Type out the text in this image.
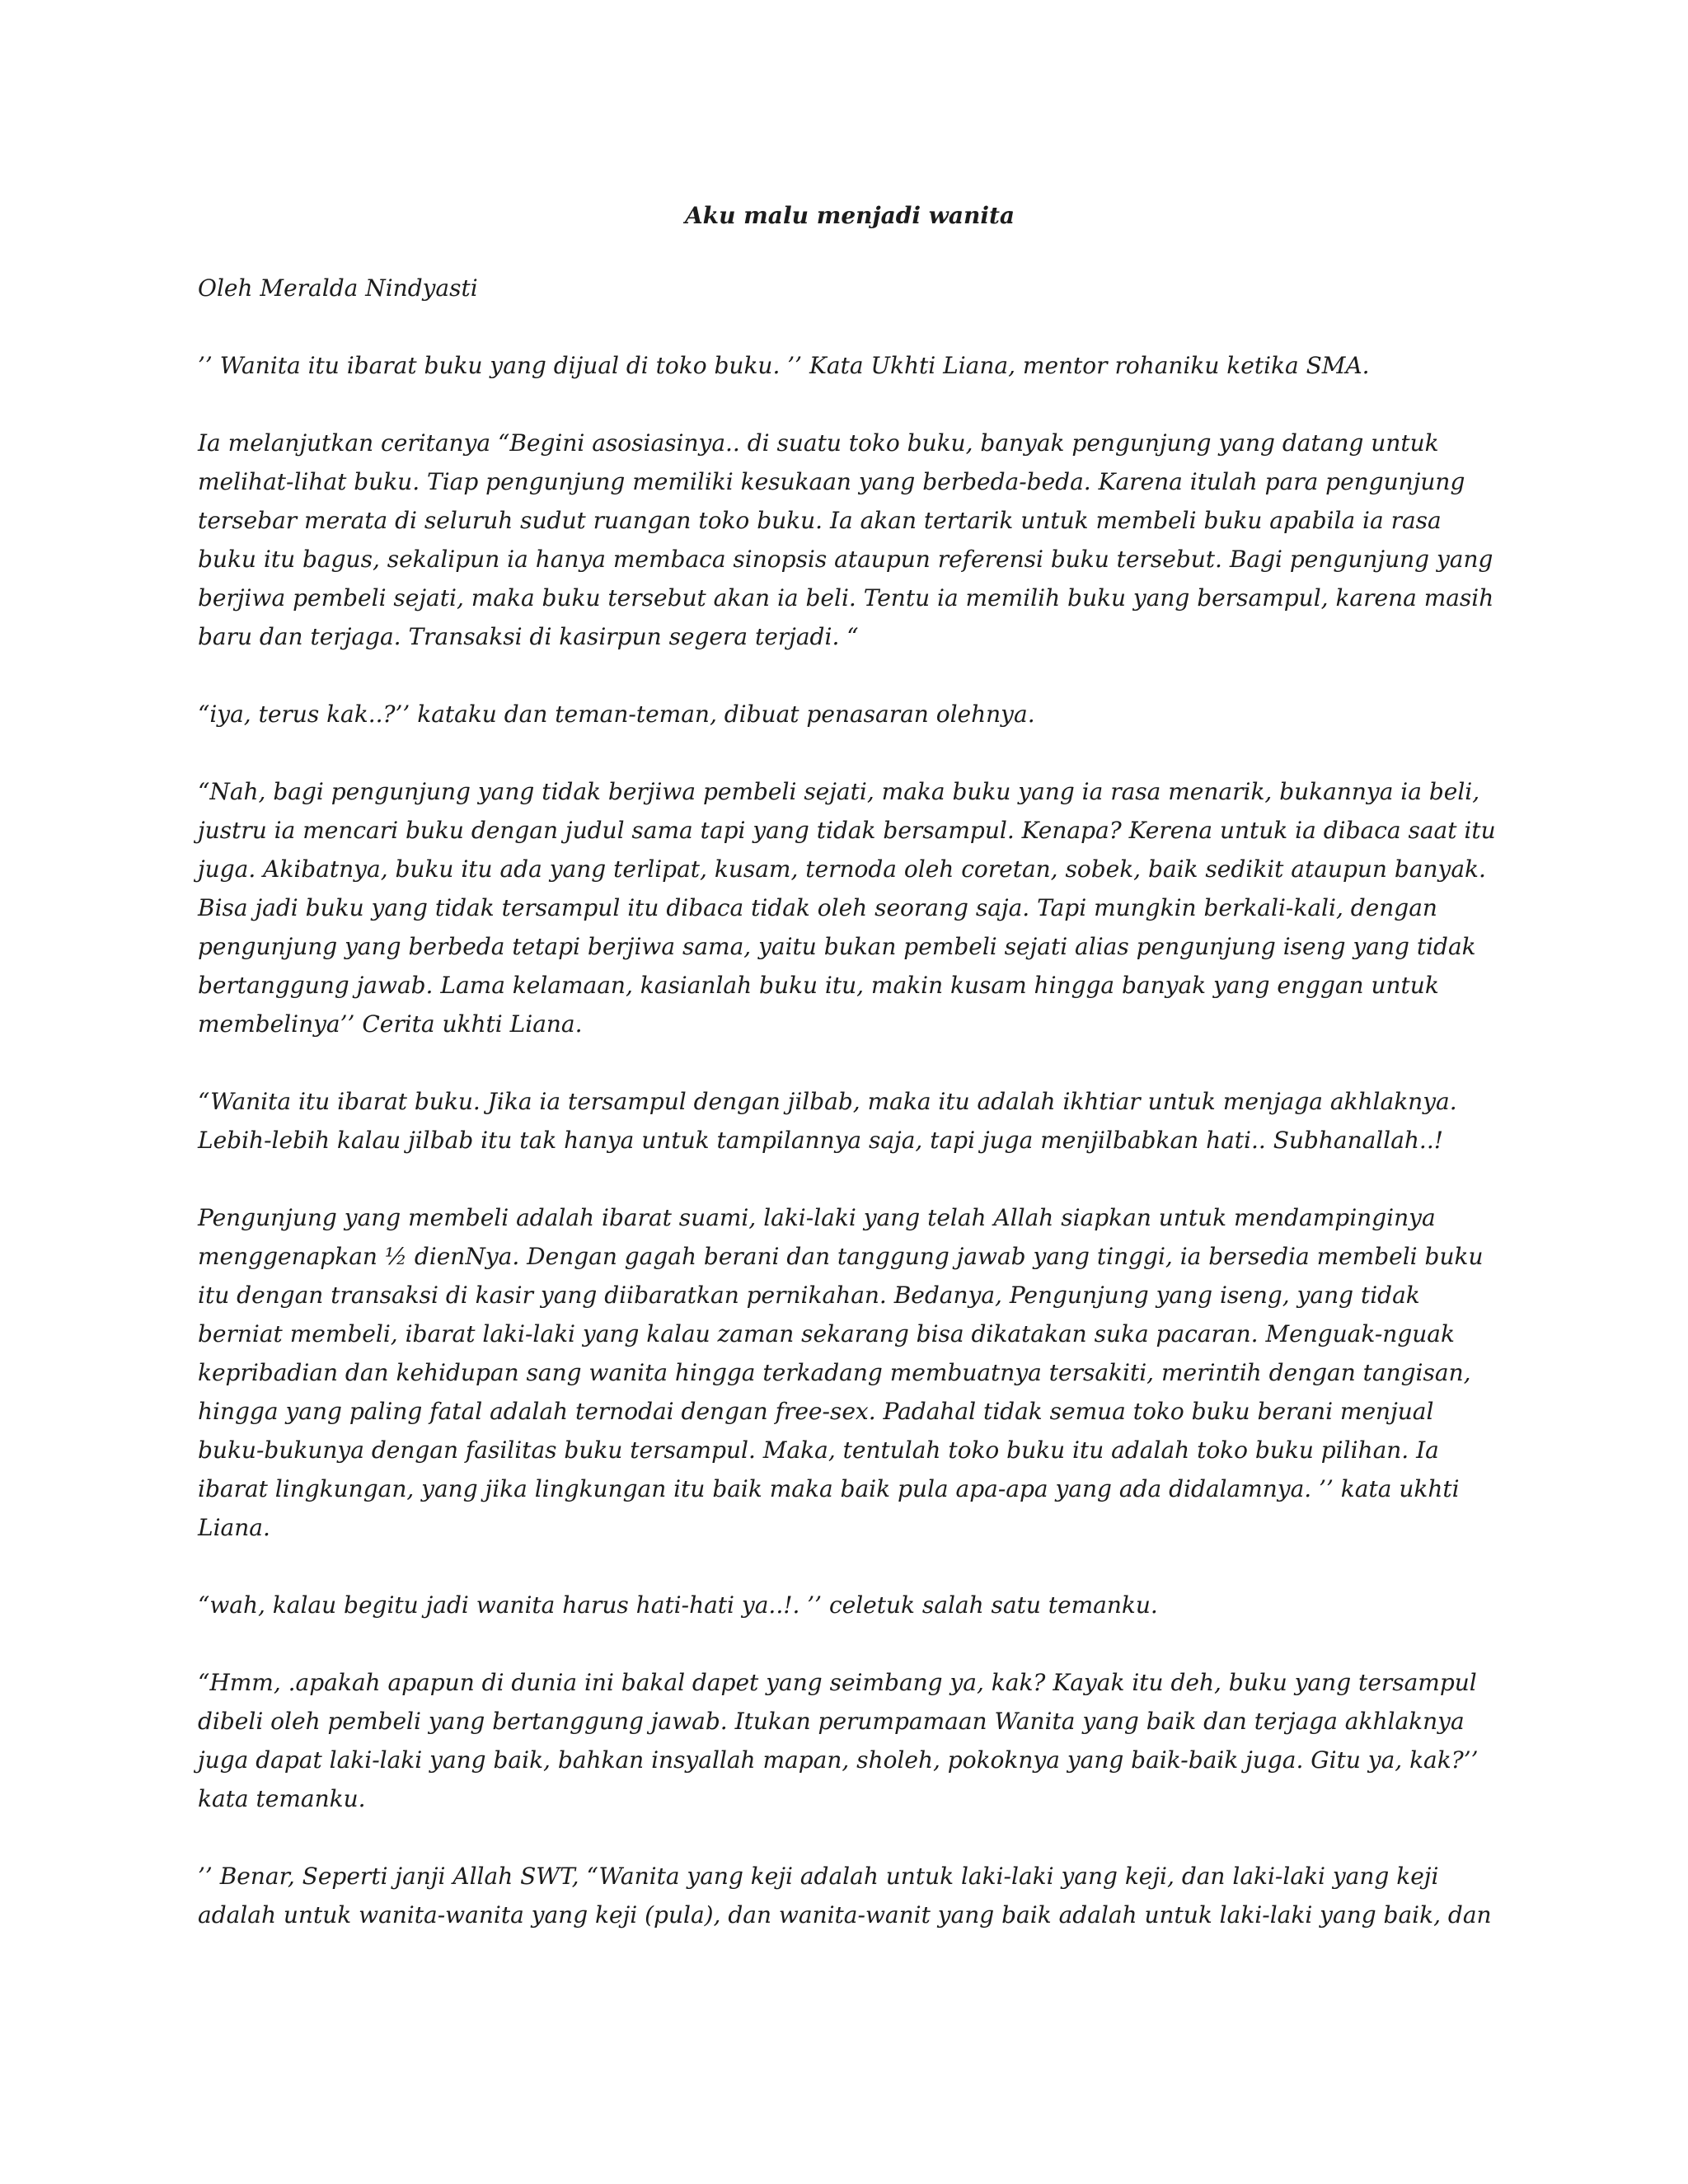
Aku malu menjadi wanita
Oleh Meralda Nindyasti

’’ Wanita itu ibarat buku yang dijual di toko buku. ’’ Kata Ukhti Liana, mentor rohaniku ketika SMA.

Ia melanjutkan ceritanya “Begini asosiasinya.. di suatu toko buku, banyak pengunjung yang datang untuk melihat-lihat buku. Tiap pengunjung memiliki kesukaan yang berbeda-beda. Karena itulah para pengunjung tersebar merata di seluruh sudut ruangan toko buku. Ia akan tertarik untuk membeli buku apabila ia rasa buku itu bagus, sekalipun ia hanya membaca sinopsis ataupun referensi buku tersebut. Bagi pengunjung yang berjiwa pembeli sejati, maka buku tersebut akan ia beli. Tentu ia memilih buku yang bersampul, karena masih baru dan terjaga. Transaksi di kasirpun segera terjadi. “

“iya, terus kak..?’’ kataku dan teman-teman, dibuat penasaran olehnya.

“Nah, bagi pengunjung yang tidak berjiwa pembeli sejati, maka buku yang ia rasa menarik, bukannya ia beli, justru ia mencari buku dengan judul sama tapi yang tidak bersampul. Kenapa? Kerena untuk ia dibaca saat itu juga. Akibatnya, buku itu ada yang terlipat, kusam, ternoda oleh coretan, sobek, baik sedikit ataupun banyak. Bisa jadi buku yang tidak tersampul itu dibaca tidak oleh seorang saja. Tapi mungkin berkali-kali, dengan pengunjung yang berbeda tetapi berjiwa sama, yaitu bukan pembeli sejati alias pengunjung iseng yang tidak bertanggung jawab. Lama kelamaan, kasianlah buku itu, makin kusam hingga banyak yang enggan untuk membelinya’’ Cerita ukhti Liana.

“Wanita itu ibarat buku. Jika ia tersampul dengan jilbab, maka itu adalah ikhtiar untuk menjaga akhlaknya. Lebih-lebih kalau jilbab itu tak hanya untuk tampilannya saja, tapi juga menjilbabkan hati.. Subhanallah..!

Pengunjung yang membeli adalah ibarat suami, laki-laki yang telah Allah siapkan untuk mendampinginya menggenapkan ½ dienNya. Dengan gagah berani dan tanggung jawab yang tinggi, ia bersedia membeli buku itu dengan transaksi di kasir yang diibaratkan pernikahan. Bedanya, Pengunjung yang iseng, yang tidak berniat membeli, ibarat laki-laki yang kalau zaman sekarang bisa dikatakan suka pacaran. Menguak-nguak kepribadian dan kehidupan sang wanita hingga terkadang membuatnya tersakiti, merintih dengan tangisan, hingga yang paling fatal adalah ternodai dengan free-sex. Padahal tidak semua toko buku berani menjual buku-bukunya dengan fasilitas buku tersampul. Maka, tentulah toko buku itu adalah toko buku pilihan. Ia ibarat lingkungan, yang jika lingkungan itu baik maka baik pula apa-apa yang ada didalamnya. ’’ kata ukhti Liana.

“wah, kalau begitu jadi wanita harus hati-hati ya..!. ’’ celetuk salah satu temanku.

“Hmm, .apakah apapun di dunia ini bakal dapet yang seimbang ya, kak? Kayak itu deh, buku yang tersampul dibeli oleh pembeli yang bertanggung jawab. Itukan perumpamaan Wanita yang baik dan terjaga akhlaknya juga dapat laki-laki yang baik, bahkan insyallah mapan, sholeh, pokoknya yang baik-baik juga. Gitu ya, kak?’’ kata temanku.

’’ Benar, Seperti janji Allah SWT, “Wanita yang keji adalah untuk laki-laki yang keji, dan laki-laki yang keji adalah untuk wanita-wanita yang keji (pula), dan wanita-wanit yang baik adalah untuk laki-laki yang baik, dan
